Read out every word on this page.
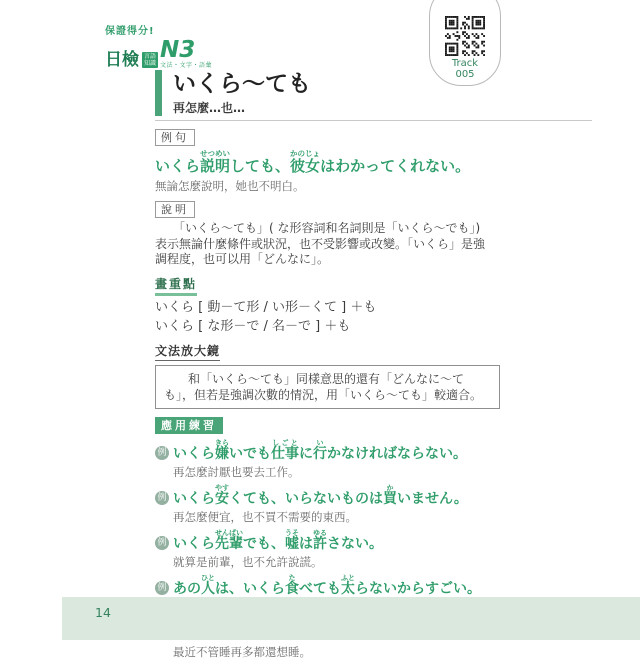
保證得分!
日檢 言語
知識
N3
文法・文字・語彙	Track
005
いくら～ても
再怎麼…也…
例句
いくら説明せつめいしても、彼女かのじょはわかってくれない。
無論怎麼說明，她也不明白。
說明
「いくら～ても」( な形容詞和名詞則是「いくら～でも」) 表示無論什麼條件或狀況，也不受影響或改變。「いくら」是強調程度，也可以用「どんなに」。
畫重點
いくら [ 動－て形 / い形－くて ] ＋も
いくら [ な形－で / 名－で ] ＋も
文法放大鏡
和「いくら～ても」同樣意思的還有「どんなに～ても」，但若是強調次數的情況，用「いくら～ても」較適合。
應用練習
例 いくら嫌きらいでも仕事しごとに行いかなければならない。
再怎麼討厭也要去工作。
例 いくら安やすくても、いらないものは買かいません。
再怎麼便宜，也不買不需要的東西。
例 いくら先輩せんぱいでも、嘘うそは許ゆるさない。
就算是前輩，也不允許說謊。
例 あの人ひとは、いくら食たべても太ふとらないからすごい。
最近不管睡再多都還想睡。
14
